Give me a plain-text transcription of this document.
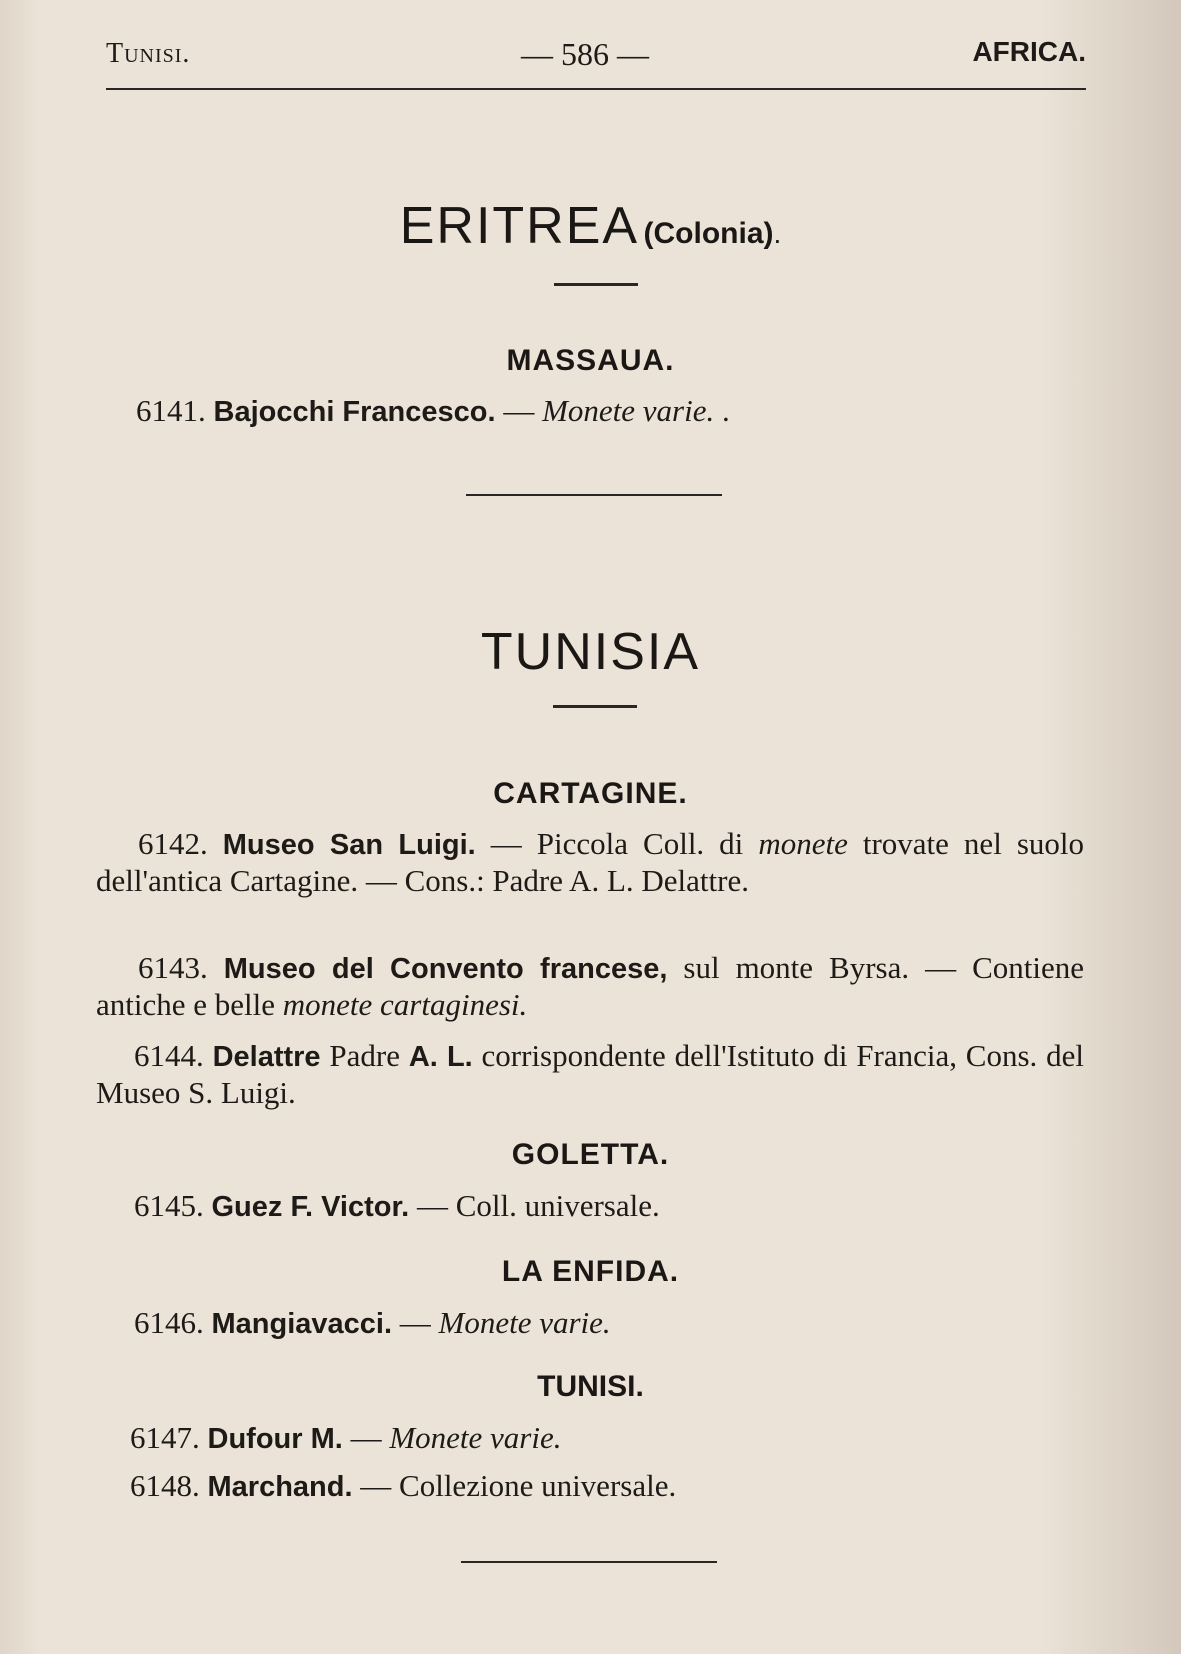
Tunisi.	— 586 —	AFRICA.
ERITREA (Colonia).
MASSAUA.
6141. Bajocchi Francesco. — Monete varie. .
TUNISIA
CARTAGINE.
6142. Museo San Luigi. — Piccola Coll. di monete trovate nel suolo dell'antica Cartagine. — Cons.: Padre A. L. Delattre.
6143. Museo del Convento francese, sul monte Byrsa. — Contiene antiche e belle monete cartaginesi.
6144. Delattre Padre A. L. corrispondente dell'Istituto di Francia, Cons. del Museo S. Luigi.
GOLETTA.
6145. Guez F. Victor. — Coll. universale.
LA ENFIDA.
6146. Mangiavacci. — Monete varie.
TUNISI.
6147. Dufour M. — Monete varie.
6148. Marchand. — Collezione universale.
